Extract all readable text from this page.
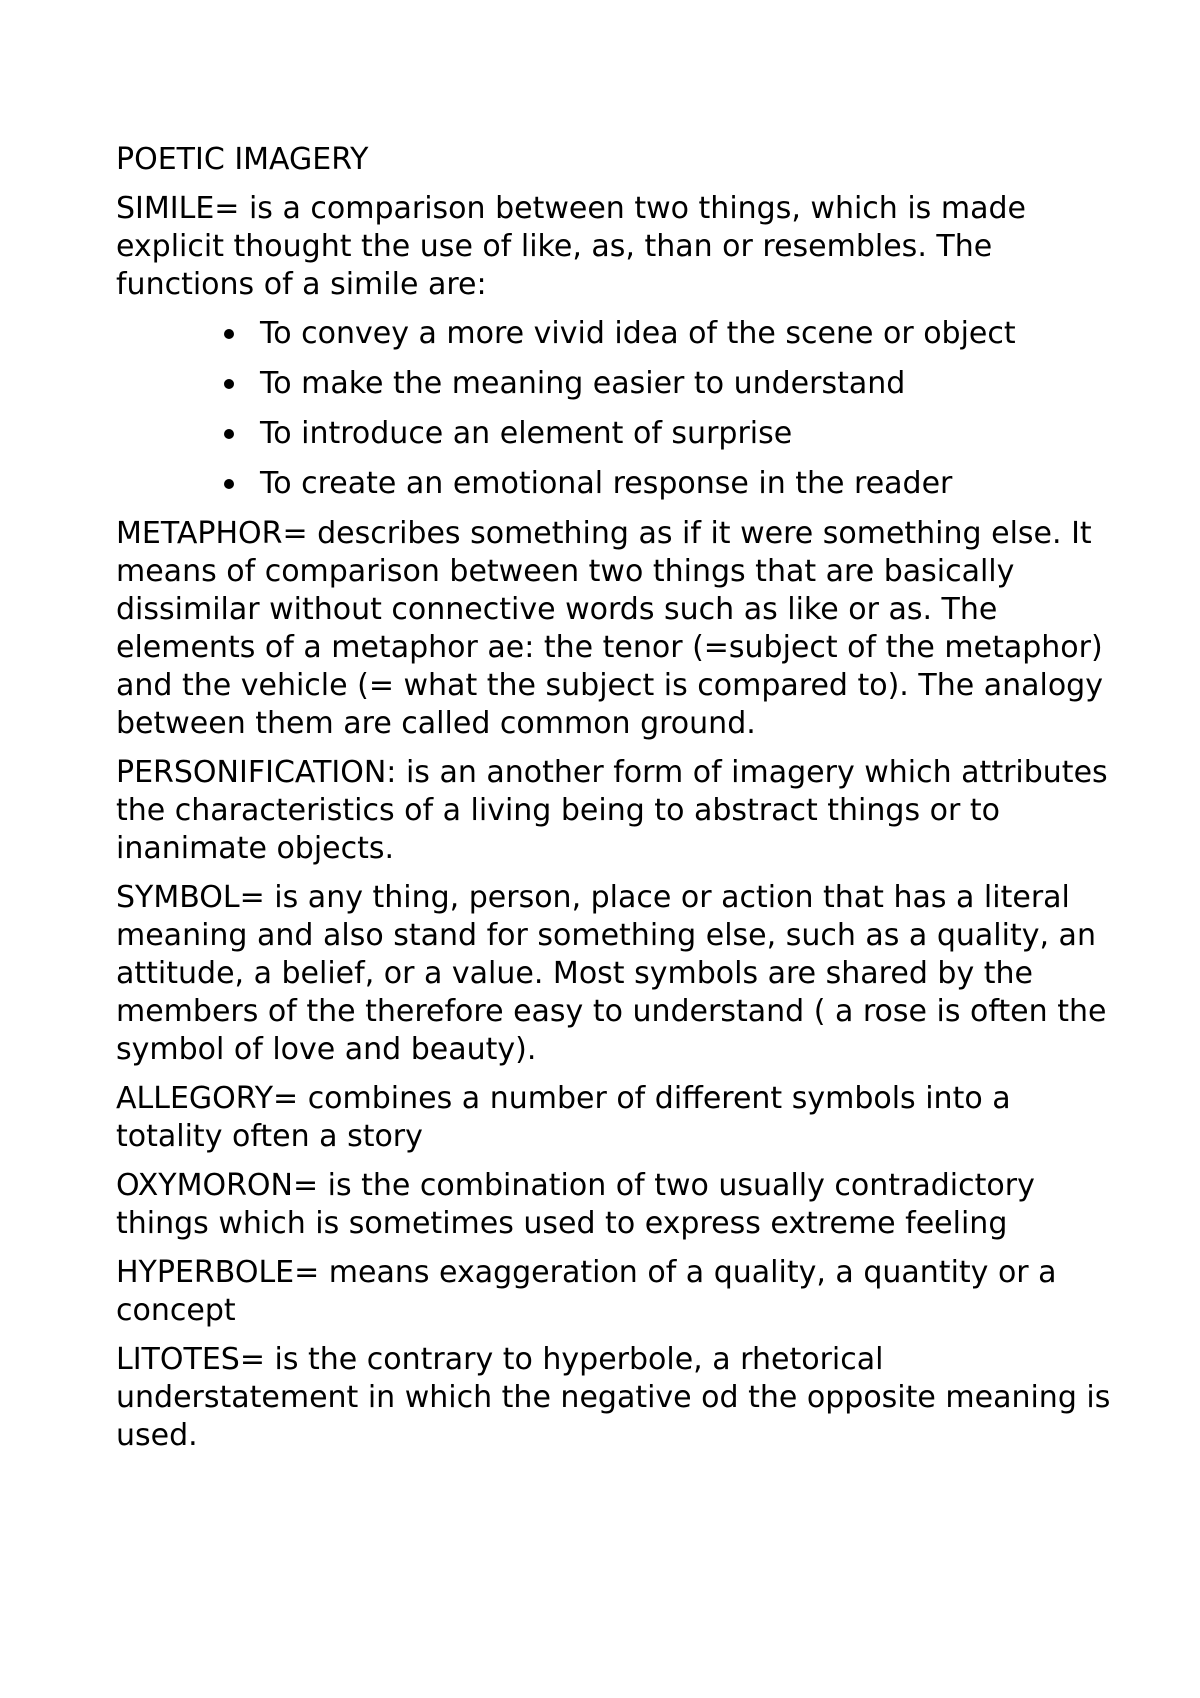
POETIC IMAGERY
SIMILE= is a comparison between two things, which is made explicit thought the use of like, as, than or resembles. The functions of a simile are:
To convey a more vivid idea of the scene or object
To make the meaning easier to understand
To introduce an element of surprise
To create an emotional response in the reader
METAPHOR= describes something as if it were something else. It means of comparison between two things that are basically dissimilar without connective words such as like or as. The elements of a metaphor ae: the tenor (=subject of the metaphor) and the vehicle (= what the subject is compared to). The analogy between them are called common ground.
PERSONIFICATION: is an another form of imagery which attributes the characteristics of a living being to abstract things or to inanimate objects.
SYMBOL= is any thing, person, place or action that has a literal meaning and also stand for something else, such as a quality, an attitude, a belief, or a value. Most symbols are shared by the members of the therefore easy to understand ( a rose is often the symbol of love and beauty).
ALLEGORY= combines a number of different symbols into a totality often a story
OXYMORON= is the combination of two usually contradictory things which is sometimes used to express extreme feeling
HYPERBOLE= means exaggeration of a quality, a quantity or a concept
LITOTES= is the contrary to hyperbole, a rhetorical understatement in which the negative od the opposite meaning is used.
